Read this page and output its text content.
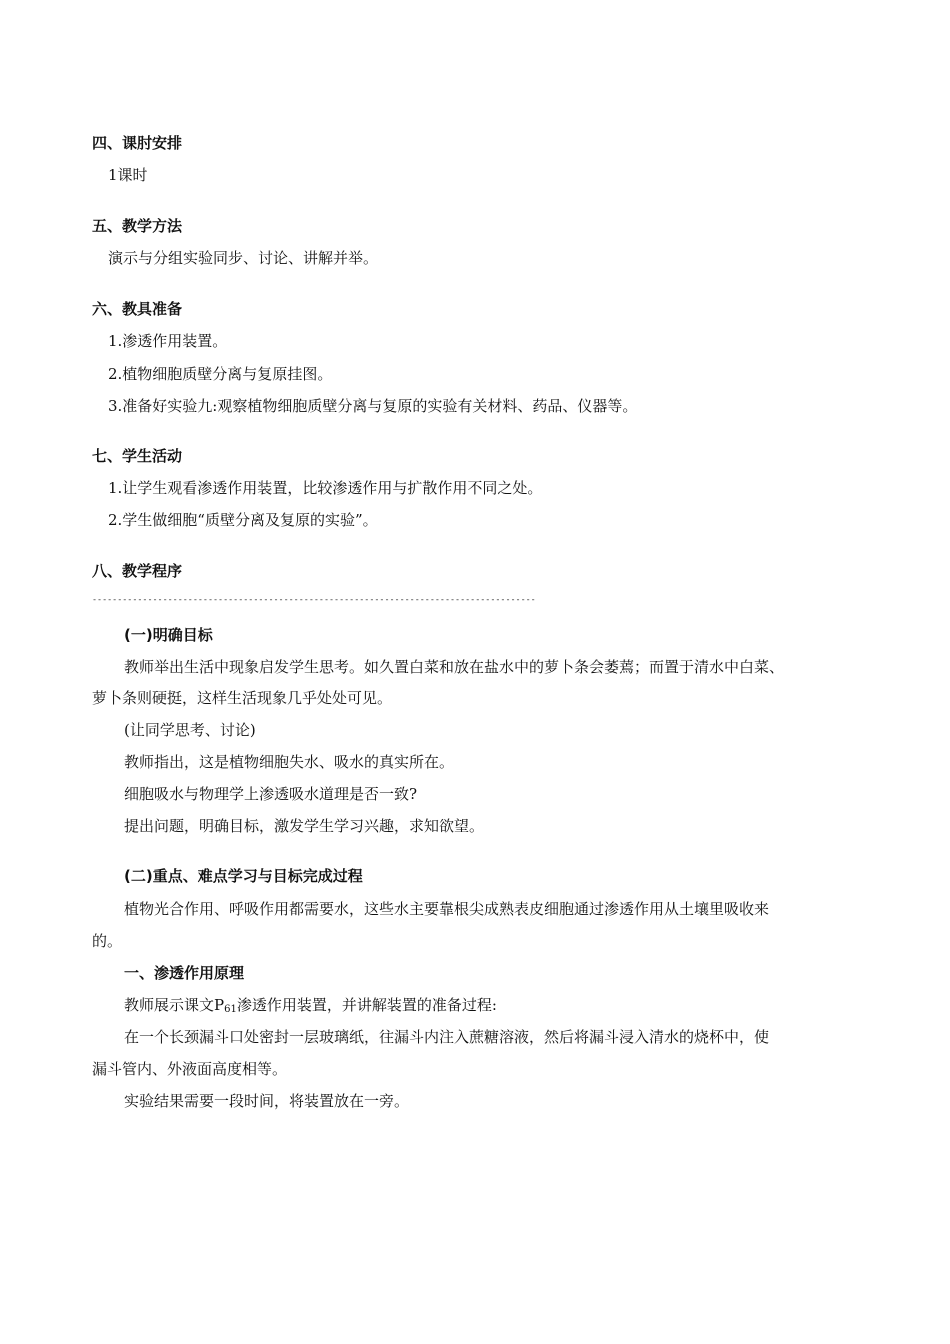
四、课肘安排
1课时
五、教学方法
演示与分组实验同步、讨论、讲解并举。
六、教具准备
1.渗透作用装置。
2.植物细胞质壁分离与复原挂图。
3.准备好实验九:观察植物细胞质壁分离与复原的实验有关材料、药品、仪器等。
七、学生活动
1.让学生观看渗透作用装置，比较渗透作用与扩散作用不同之处。
2.学生做细胞“质壁分离及复原的实验”。
八、教学程序
----------------------------------------------------------------------------------------
(一)明确目标
教师举出生活中现象启发学生思考。如久置白菜和放在盐水中的萝卜条会萎蔫；而置于清水中白菜、
萝卜条则硬挺，这样生活现象几乎处处可见。
(让同学思考、讨论)
教师指出，这是植物细胞失水、吸水的真实所在。
细胞吸水与物理学上渗透吸水道理是否一致?
提出问题，明确目标，激发学生学习兴趣，求知欲望。
(二)重点、难点学习与目标完成过程
植物光合作用、呼吸作用都需要水，这些水主要靠根尖成熟表皮细胞通过渗透作用从土壤里吸收来
的。
一、渗透作用原理
教师展示课文P61渗透作用装置，并讲解装置的准备过程:
在一个长颈漏斗口处密封一层玻璃纸，往漏斗内注入蔗糖溶液，然后将漏斗浸入清水的烧杯中，使
漏斗管内、外液面高度相等。
实验结果需要一段时间，将装置放在一旁。
